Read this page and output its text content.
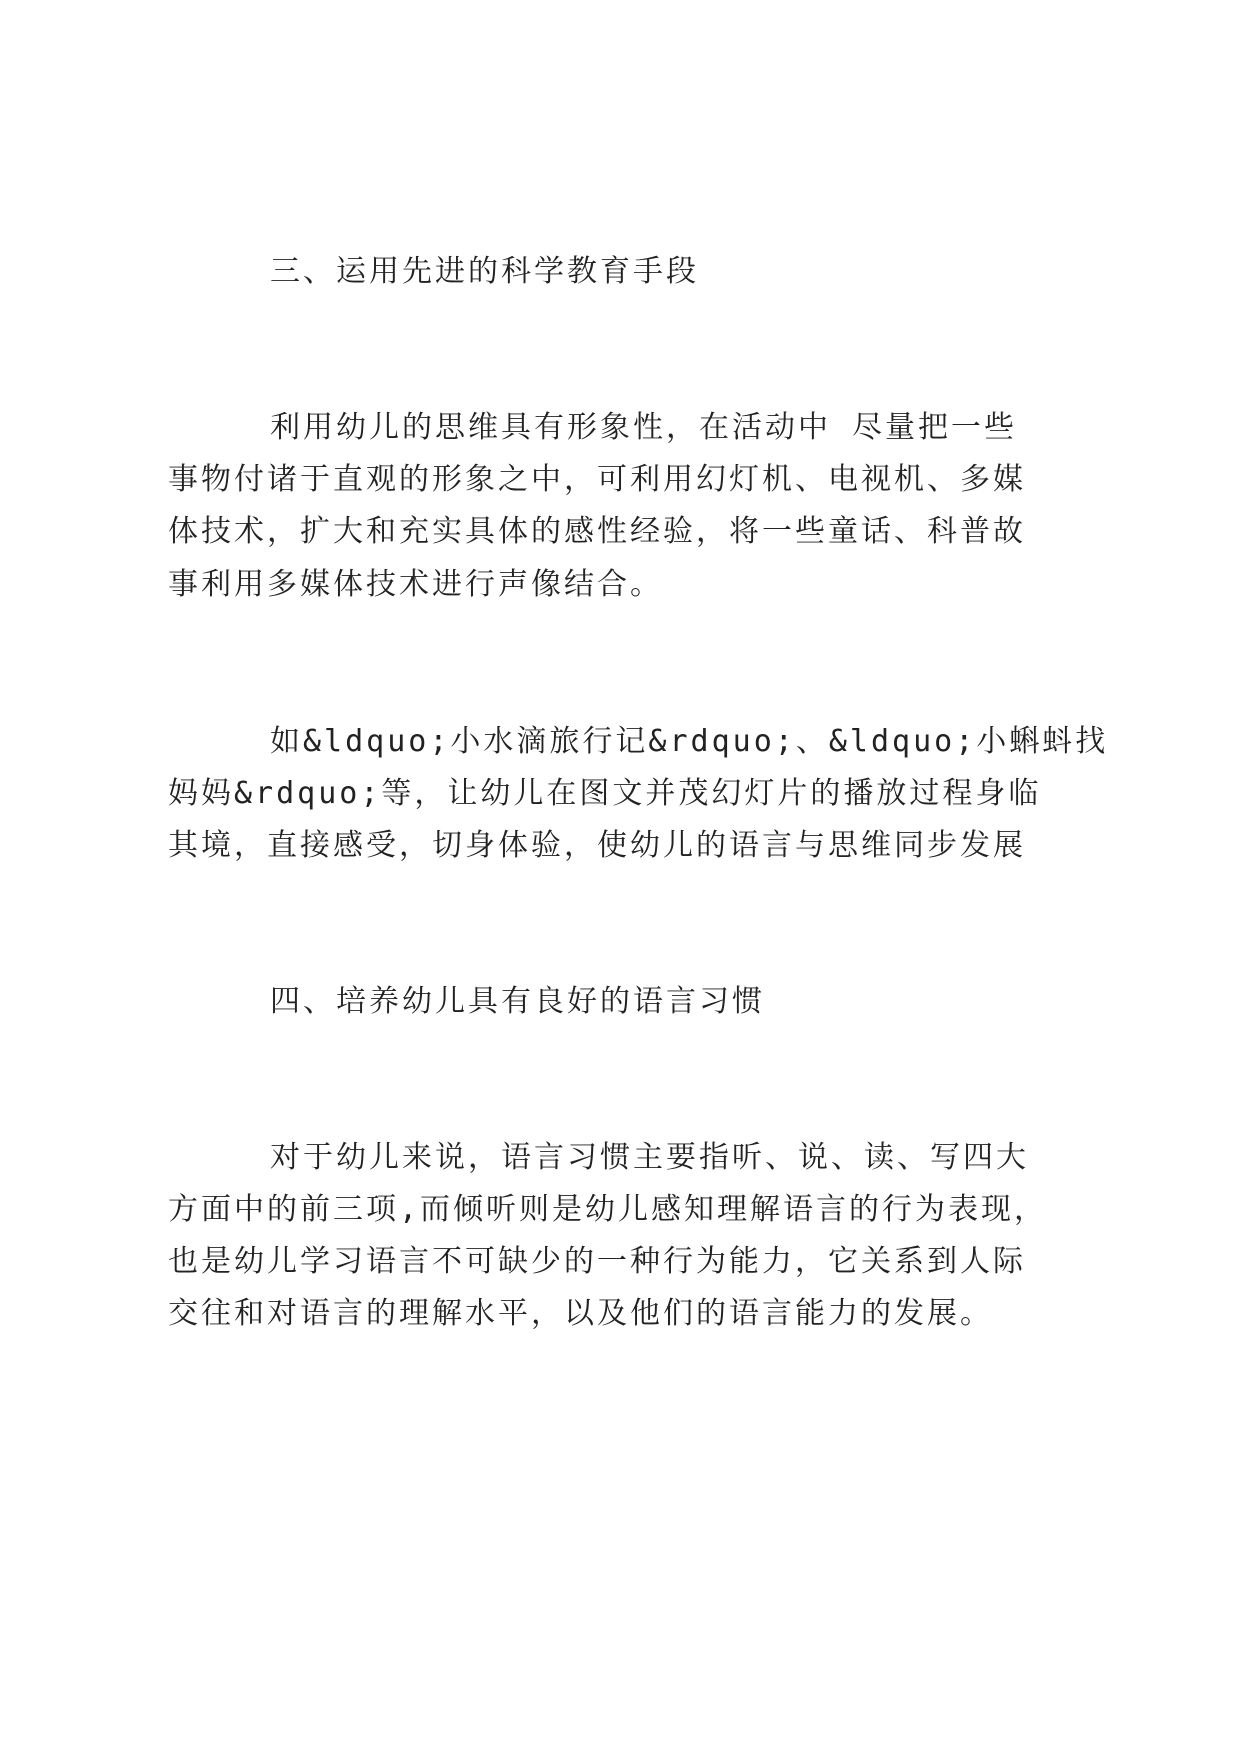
三、运用先进的科学教育手段
利用幼儿的思维具有形象性，在活动中 尽量把一些
事物付诸于直观的形象之中，可利用幻灯机、电视机、多媒
体技术，扩大和充实具体的感性经验，将一些童话、科普故
事利用多媒体技术进行声像结合。
如&ldquo;小水滴旅行记&rdquo;、&ldquo;小蝌蚪找
妈妈&rdquo;等，让幼儿在图文并茂幻灯片的播放过程身临
其境，直接感受，切身体验，使幼儿的语言与思维同步发展
四、培养幼儿具有良好的语言习惯
对于幼儿来说，语言习惯主要指听、说、读、写四大
方面中的前三项,而倾听则是幼儿感知理解语言的行为表现，
也是幼儿学习语言不可缺少的一种行为能力，它关系到人际
交往和对语言的理解水平，以及他们的语言能力的发展。
